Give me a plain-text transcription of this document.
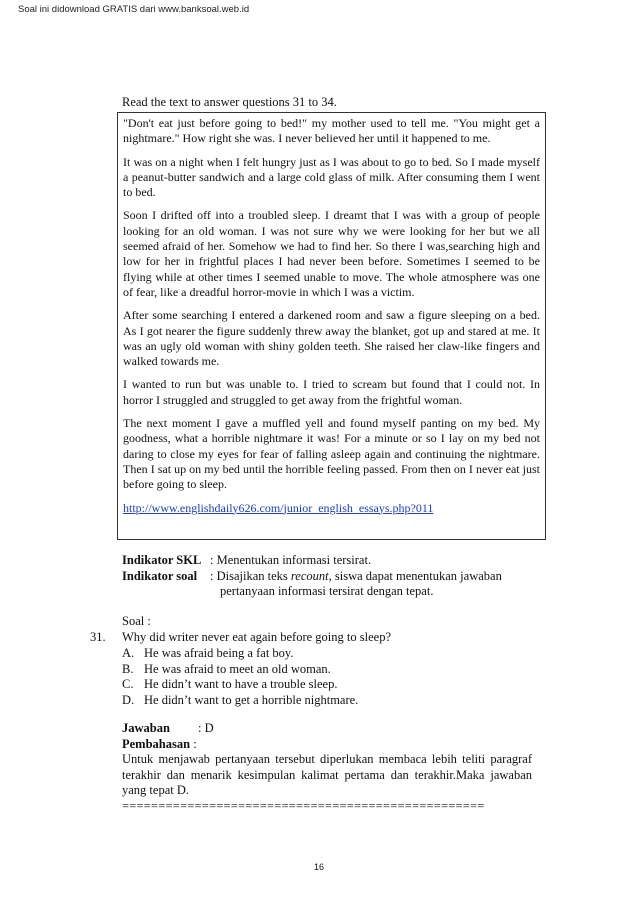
Soal ini didownload GRATIS dari www.banksoal.web.id
Read the text to answer questions 31 to 34.

"Don't eat just before going to bed!" my mother used to tell me. "You might get a nightmare." How right she was. I never believed her until it happened to me.

It was on a night when I felt hungry just as I was about to go to bed. So I made myself a peanut-butter sandwich and a large cold glass of milk. After consuming them I went to bed.

Soon I drifted off into a troubled sleep. I dreamt that I was with a group of people looking for an old woman. I was not sure why we were looking for her but we all seemed afraid of her. Somehow we had to find her. So there I was,searching high and low for her in frightful places I had never been before. Sometimes I seemed to be flying while at other times I seemed unable to move. The whole atmosphere was one of fear, like a dreadful horror-movie in which I was a victim.

After some searching I entered a darkened room and saw a figure sleeping on a bed. As I got nearer the figure suddenly threw away the blanket, got up and stared at me. It was an ugly old woman with shiny golden teeth. She raised her claw-like fingers and walked towards me.

I wanted to run but was unable to. I tried to scream but found that I could not. In horror I struggled and struggled to get away from the frightful woman.

The next moment I gave a muffled yell and found myself panting on my bed. My goodness, what a horrible nightmare it was! For a minute or so I lay on my bed not daring to close my eyes for fear of falling asleep again and continuing the nightmare. Then I sat up on my bed until the horrible feeling passed. From then on I never eat just before going to sleep.

http://www.englishdaily626.com/junior_english_essays.php?011
Indikator SKL : Menentukan informasi tersirat.
Indikator soal	: Disajikan teks recount, siswa dapat menentukan jawaban
pertanyaan informasi tersirat dengan tepat.
Soal :
31. Why did writer never eat again before going to sleep?
A. He was afraid being a fat boy.
B. He was afraid to meet an old woman.
C. He didn’t want to have a trouble sleep.
D. He didn’t want to get a horrible nightmare.
Jawaban	: D
Pembahasan :
Untuk menjawab pertanyaan tersebut diperlukan membaca lebih teliti paragraf terakhir dan menarik kesimpulan kalimat pertama dan terakhir.Maka jawaban yang tepat D.
==================================================
16
